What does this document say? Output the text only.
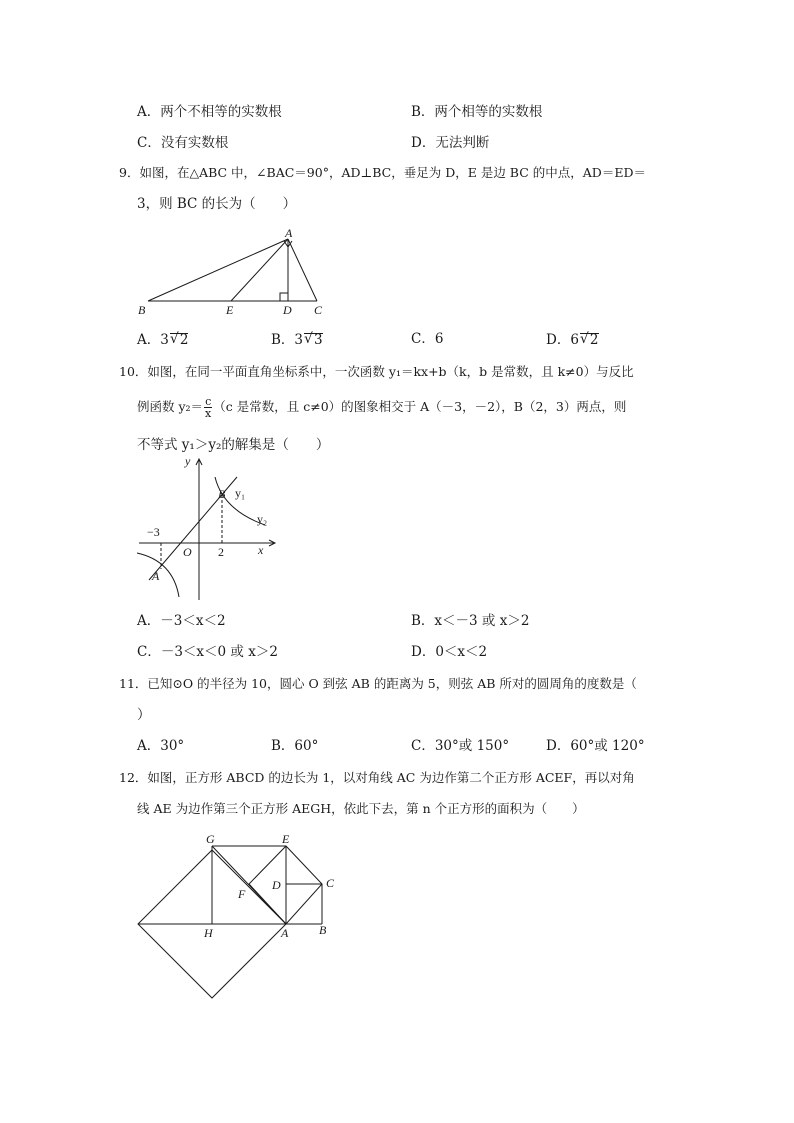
A．两个不相等的实数根	B．两个相等的实数根
C．没有实数根	D．无法判断
9．如图，在△ABC 中，∠BAC＝90°，AD⊥BC，垂足为 D，E 是边 BC 的中点，AD＝ED＝
3，则 BC 的长为（　　）
A
B	E	D C
A．3 √ 2	B．3 √ 3	C．6	D．6 √ 2
10．如图，在同一平面直角坐标系中，一次函数 y₁＝kx+b（k，b 是常数，且 k≠0）与反比
例函数 $y_2= \frac{c}{x} (c$ 是常数，且 c≠0）的图象相交于 A（－3，－2），B（2，3）两点，则
不等式 y₁＞y₂的解集是（　　）
y
B y₁
y₂
−3
O 2	x
A
A．－3＜x＜2	B．x＜－3 或 x＞2
C．－3＜x＜0 或 x＞2	D．0＜x＜2
11．已知⊙O 的半径为 10，圆心 O 到弦 AB 的距离为 5，则弦 AB 所对的圆周角的度数是（
）
A．30°	B．60°	C．30°或 150°	D．60°或 120°
12．如图，正方形 ABCD 的边长为 1，以对角线 AC 为边作第二个正方形 ACEF，再以对角
线 AE 为边作第三个正方形 AEGH，依此下去，第 n 个正方形的面积为（　　）
G	E
D	C
F
H	A	B
